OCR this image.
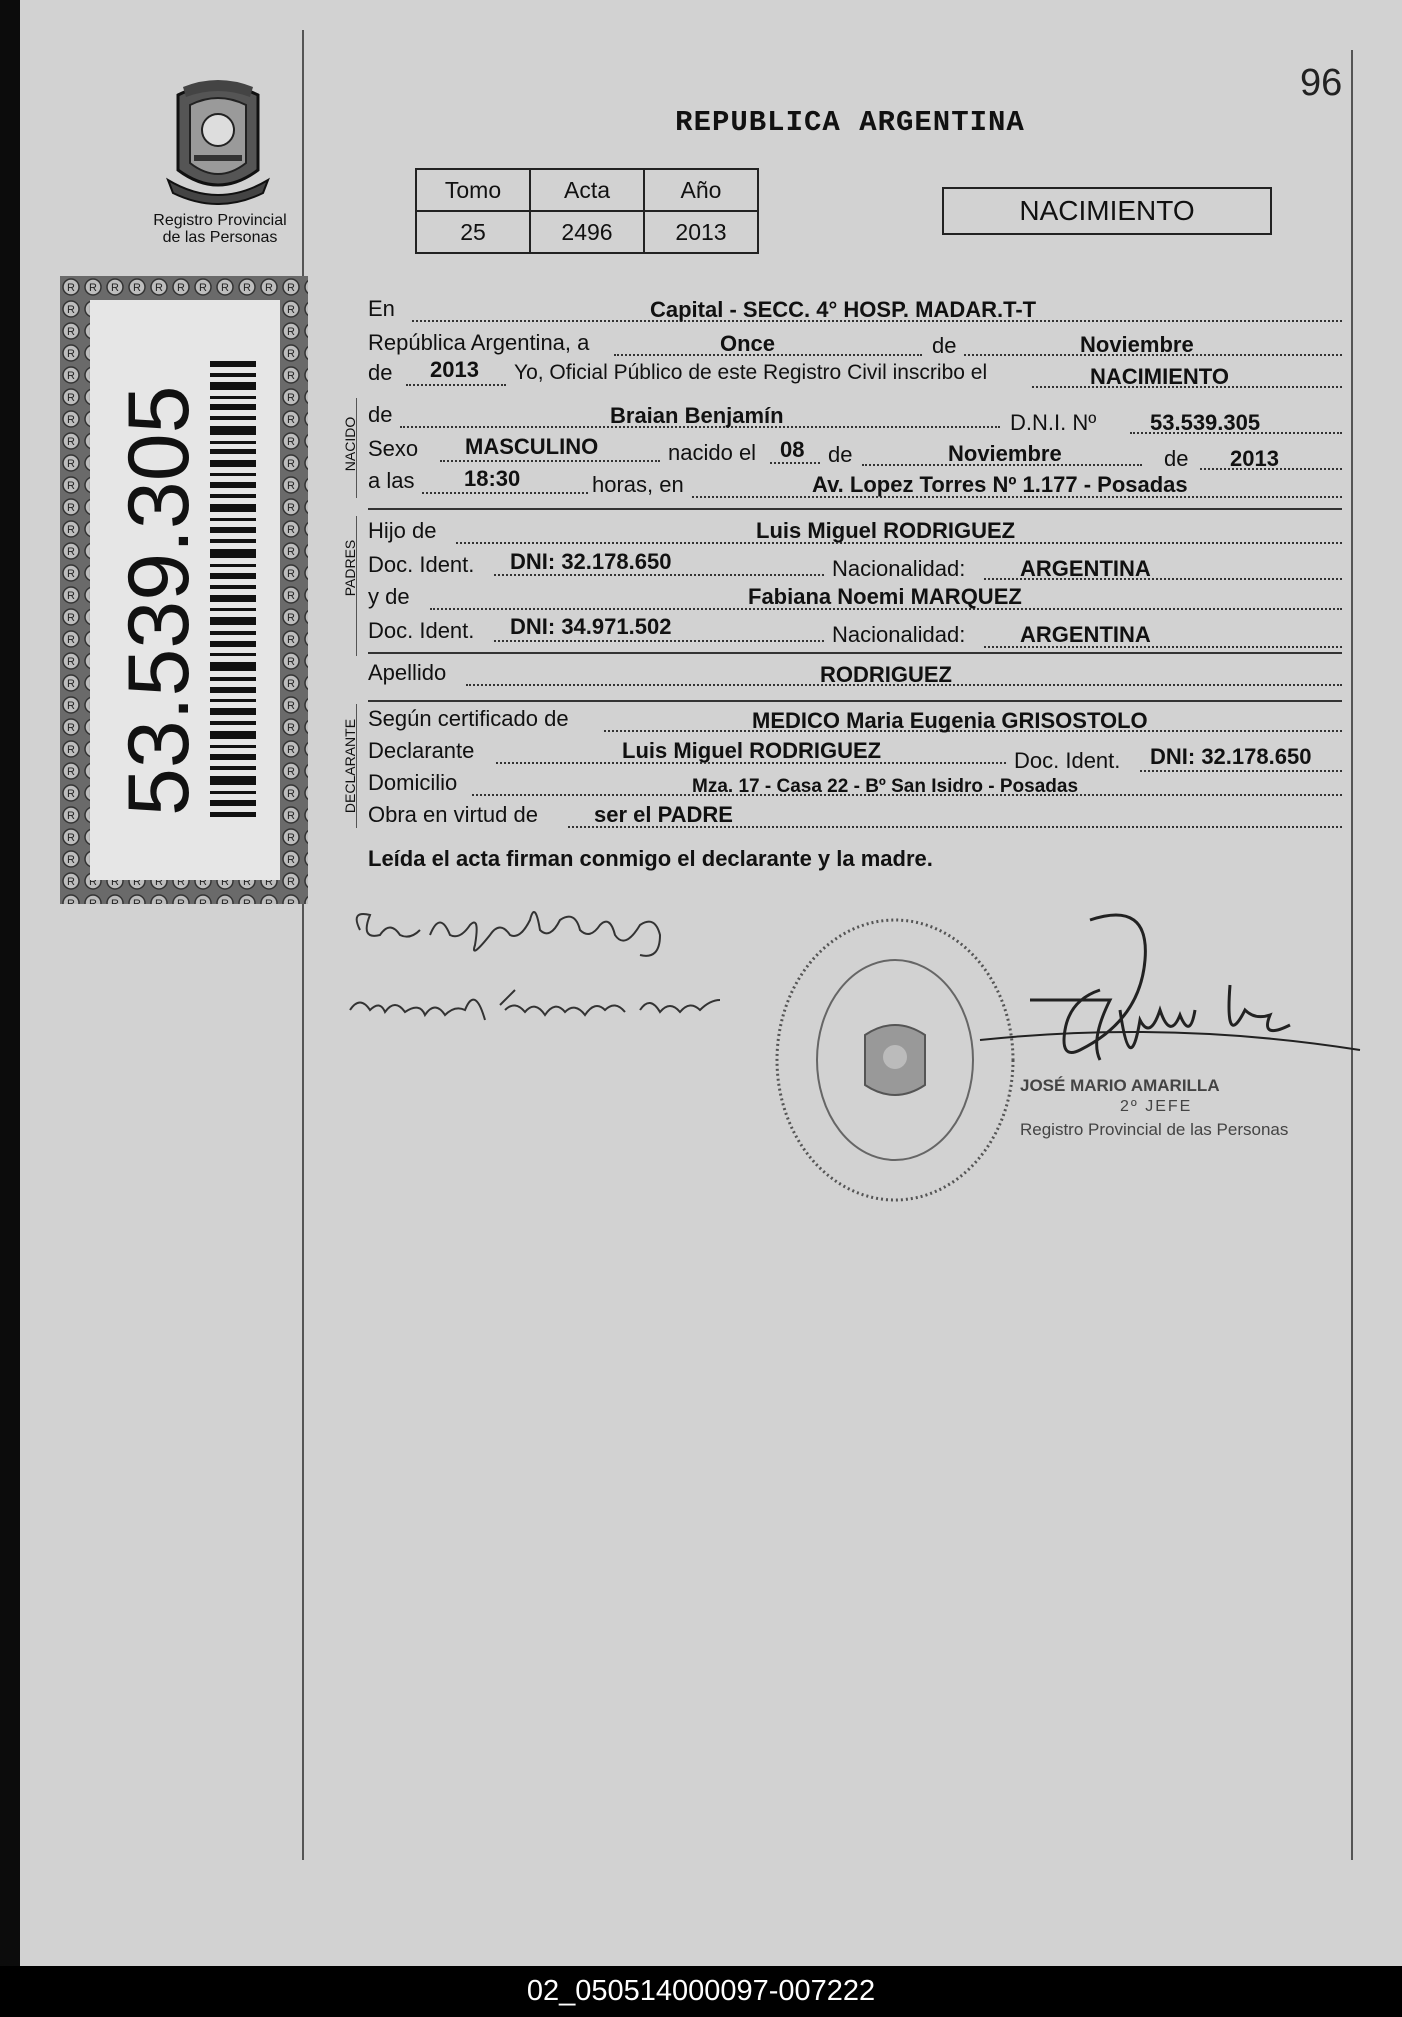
Registro Provincial
de las Personas
53.539.305
96
REPUBLICA ARGENTINA
Tomo	Acta	Año
25	2496	2013
NACIMIENTO
NACIDO
PADRES
DECLARANTE
En	Capital - SECC. 4° HOSP. MADAR.T-T
República Argentina, a	Once	de	Noviembre
de 2013 Yo, Oficial Público de este Registro Civil inscribo el	NACIMIENTO
de	Braian Benjamín	D.N.I. Nº 53.539.305
Sexo MASCULINO	nacido el 08 de	Noviembre	de 2013
a las 18:30	horas, en	Av. Lopez Torres Nº 1.177 - Posadas
Hijo de	Luis Miguel RODRIGUEZ
Doc. Ident. DNI: 32.178.650	Nacionalidad: ARGENTINA
y de	Fabiana Noemi MARQUEZ
Doc. Ident. DNI: 34.971.502	Nacionalidad: ARGENTINA
Apellido	RODRIGUEZ
Según certificado de	MEDICO Maria Eugenia GRISOSTOLO
Declarante	Luis Miguel RODRIGUEZ	Doc. Ident. DNI: 32.178.650
Domicilio	Mza. 17 - Casa 22 - Bº San Isidro - Posadas
Obra en virtud de	ser el PADRE
Leída el acta firman conmigo el declarante y la madre.
JOSÉ MARIO AMARILLA
2º JEFE
Registro Provincial de las Personas
02_050514000097-007222
